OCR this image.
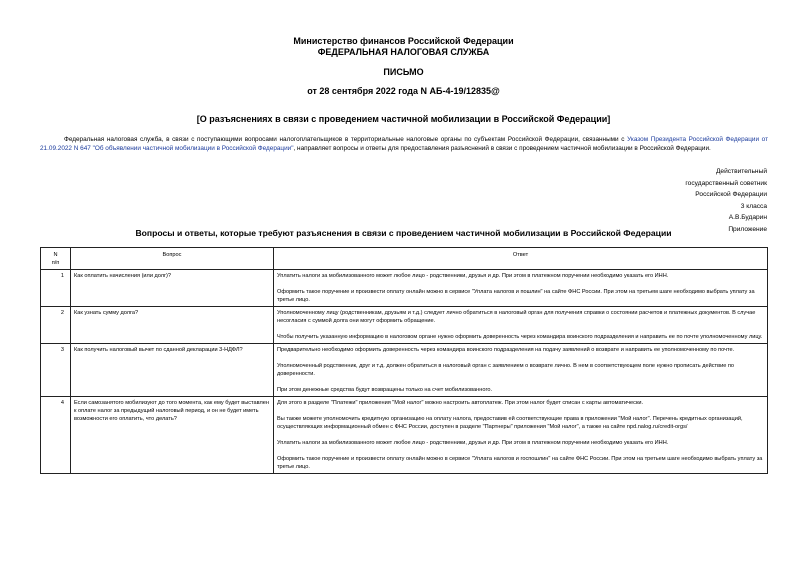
Министерство финансов Российской Федерации
ФЕДЕРАЛЬНАЯ НАЛОГОВАЯ СЛУЖБА
ПИСЬМО
от 28 сентября 2022 года N АБ-4-19/12835@
[О разъяснениях в связи с проведением частичной мобилизации в Российской Федерации]
Федеральная налоговая служба, в связи с поступающими вопросами налогоплательщиков в территориальные налоговые органы по субъектам Российской Федерации, связанными с Указом Президента Российской Федерации от 21.09.2022 N 647 "Об объявлении частичной мобилизации в Российской Федерации", направляет вопросы и ответы для предоставления разъяснений в связи с проведением частичной мобилизации в Российской Федерации.
Действительный
государственный советник
Российской Федерации
3 класса
А.В.Бударин
Приложение
Вопросы и ответы, которые требуют разъяснения в связи с проведением частичной мобилизации в Российской Федерации
N
п/п	Вопрос	Ответ
1	Как оплатить начисления (или долг)?	Уплатить налоги за мобилизованного может любое лицо - родственники, друзья и др. При этом в платежном поручении необходимо указать его ИНН.

Оформить такое поручение и произвести оплату онлайн можно в сервисе "Уплата налогов и пошлин" на сайте ФНС России. При этом на третьем шаге необходимо выбрать уплату за третье лицо.

2	Как узнать сумму долга?	Уполномоченному лицу (родственникам, друзьям и т.д.) следует лично обратиться в налоговый орган для получения справки о состоянии расчетов и платежных документов. В случае несогласия с суммой долга они могут оформить обращение.

Чтобы получить указанную информацию в налоговом органе нужно оформить доверенность через командира воинского подразделения и направить ее по почте уполномоченному лицу.

3	Как получить налоговый вычет по сданной декларации 3-НДФЛ?	Предварительно необходимо оформить доверенность через командира воинского подразделения на подачу заявлений о возврате и направить ее уполномоченному по почте.

Уполномоченный родственник, друг и т.д. должен обратиться в налоговый орган с заявлением о возврате лично. В нем в соответствующем поле нужно прописать действие по доверенности.

При этом денежные средства будут возвращены только на счет мобилизованного.

4	Если самозанятого мобилизуют до того момента, как ему будет выставлен к оплате налог за предыдущий налоговый период, и он не будет иметь возможности его оплатить, что делать?	Для этого в разделе "Платежи" приложения "Мой налог" можно настроить автоплатеж. При этом налог будет списан с карты автоматически.

Вы также можете уполномочить кредитную организацию на оплату налога, предоставив ей соответствующие права в приложении "Мой налог". Перечень кредитных организаций, осуществляющих информационный обмен с ФНС России, доступен в разделе "Партнеры" приложения "Мой налог", а также на сайте npd.nalog.ru/credit-orgs/

Уплатить налоги за мобилизованного может любое лицо - родственники, друзья и др. При этом в платежном поручении необходимо указать его ИНН.

Оформить такое поручение и произвести оплату онлайн можно в сервисе "Уплата налогов и госпошлин" на сайте ФНС России. При этом на третьем шаге необходимо выбрать уплату за третье лицо.
